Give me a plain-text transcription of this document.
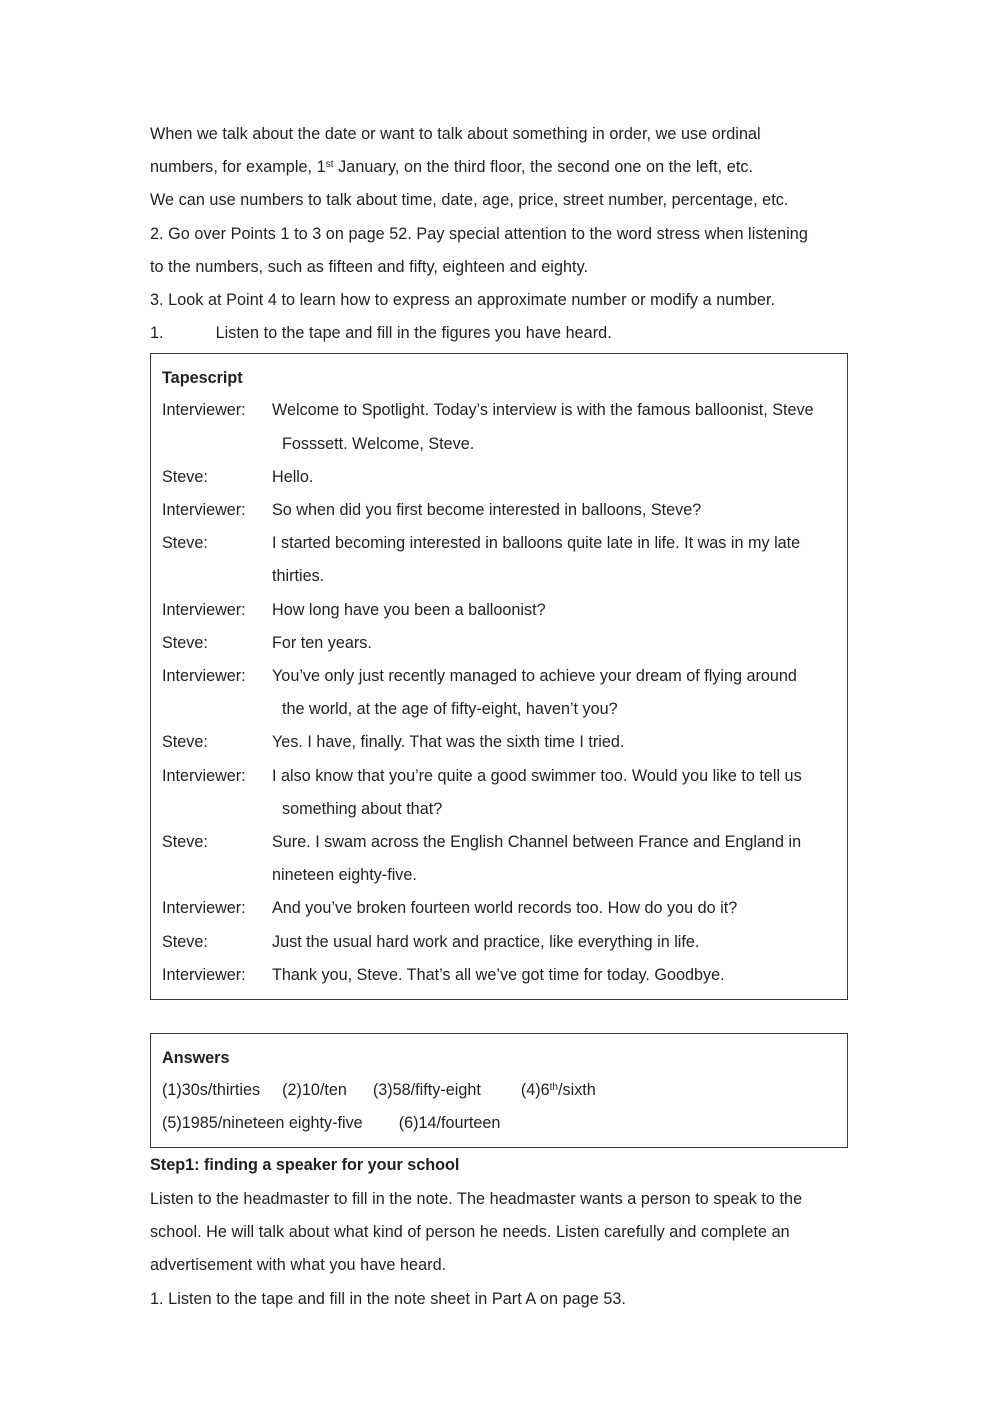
When we talk about the date or want to talk about something in order, we use ordinal
numbers, for example, 1st January, on the third floor, the second one on the left, etc.
We can use numbers to talk about time, date, age, price, street number, percentage, etc.
2. Go over Points 1 to 3 on page 52. Pay special attention to the word stress when listening
to the numbers, such as fifteen and fifty, eighteen and eighty.
3. Look at Point 4 to learn how to express an approximate number or modify a number.
1.	Listen to the tape and fill in the figures you have heard.
Tapescript
Interviewer: Welcome to Spotlight. Today’s interview is with the famous balloonist, Steve
Fosssett. Welcome, Steve.
Steve:	Hello.
Interviewer: So when did you first become interested in balloons, Steve?
Steve:	I started becoming interested in balloons quite late in life. It was in my late
thirties.
Interviewer: How long have you been a balloonist?
Steve:	For ten years.
Interviewer: You’ve only just recently managed to achieve your dream of flying around
the world, at the age of fifty-eight, haven’t you?
Steve:	Yes. I have, finally. That was the sixth time I tried.
Interviewer: I also know that you’re quite a good swimmer too. Would you like to tell us
something about that?
Steve:	Sure. I swam across the English Channel between France and England in
nineteen eighty-five.
Interviewer: And you’ve broken fourteen world records too. How do you do it?
Steve:	Just the usual hard work and practice, like everything in life.
Interviewer: Thank you, Steve. That’s all we’ve got time for today. Goodbye.
Answers
(1)30s/thirties (2)10/ten (3)58/fifty-eight (4)6th/sixth
(5)1985/nineteen eighty-five (6)14/fourteen
Step1: finding a speaker for your school
Listen to the headmaster to fill in the note. The headmaster wants a person to speak to the
school. He will talk about what kind of person he needs. Listen carefully and complete an
advertisement with what you have heard.
1. Listen to the tape and fill in the note sheet in Part A on page 53.
